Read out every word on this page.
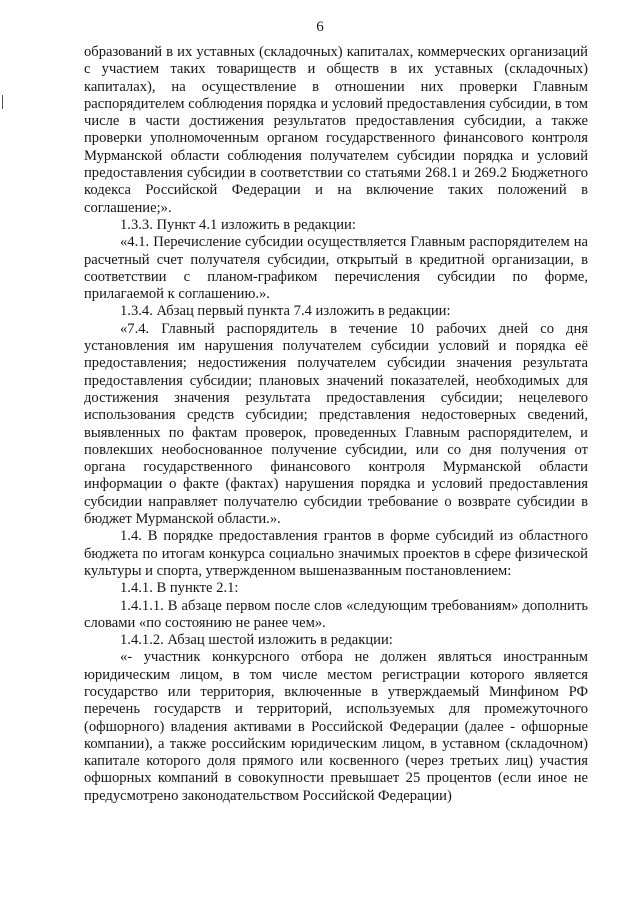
6

образований в их уставных (складочных) капиталах, коммерческих организаций с участием таких товариществ и обществ в их уставных (складочных) капиталах), на осуществление в отношении них проверки Главным распорядителем соблюдения порядка и условий предоставления субсидии, в том числе в части достижения результатов предоставления субсидии, а также проверки уполномоченным органом государственного финансового контроля Мурманской области соблюдения получателем субсидии порядка и условий предоставления субсидии в соответствии со статьями 268.1 и 269.2 Бюджетного кодекса Российской Федерации и на включение таких положений в соглашение;».

1.3.3. Пункт 4.1 изложить в редакции:

«4.1. Перечисление субсидии осуществляется Главным распорядителем на расчетный счет получателя субсидии, открытый в кредитной организации, в соответствии с планом-графиком перечисления субсидии по форме, прилагаемой к соглашению.».

1.3.4. Абзац первый пункта 7.4 изложить в редакции:

«7.4. Главный распорядитель в течение 10 рабочих дней со дня установления им нарушения получателем субсидии условий и порядка её предоставления; недостижения получателем субсидии значения результата предоставления субсидии; плановых значений показателей, необходимых для достижения значения результата предоставления субсидии; нецелевого использования средств субсидии; представления недостоверных сведений, выявленных по фактам проверок, проведенных Главным распорядителем, и повлекших необоснованное получение субсидии, или со дня получения от органа государственного финансового контроля Мурманской области информации о факте (фактах) нарушения порядка и условий предоставления субсидии направляет получателю субсидии требование о возврате субсидии в бюджет Мурманской области.».

1.4. В порядке предоставления грантов в форме субсидий из областного бюджета по итогам конкурса социально значимых проектов в сфере физической культуры и спорта, утвержденном вышеназванным постановлением:

1.4.1. В пункте 2.1:

1.4.1.1. В абзаце первом после слов «следующим требованиям» дополнить словами «по состоянию не ранее чем».

1.4.1.2. Абзац шестой изложить в редакции:

«- участник конкурсного отбора не должен являться иностранным юридическим лицом, в том числе местом регистрации которого является государство или территория, включенные в утверждаемый Минфином РФ перечень государств и территорий, используемых для промежуточного (офшорного) владения активами в Российской Федерации (далее - офшорные компании), а также российским юридическим лицом, в уставном (складочном) капитале которого доля прямого или косвенного (через третьих лиц) участия офшорных компаний в совокупности превышает 25 процентов (если иное не предусмотрено законодательством Российской Федерации)
